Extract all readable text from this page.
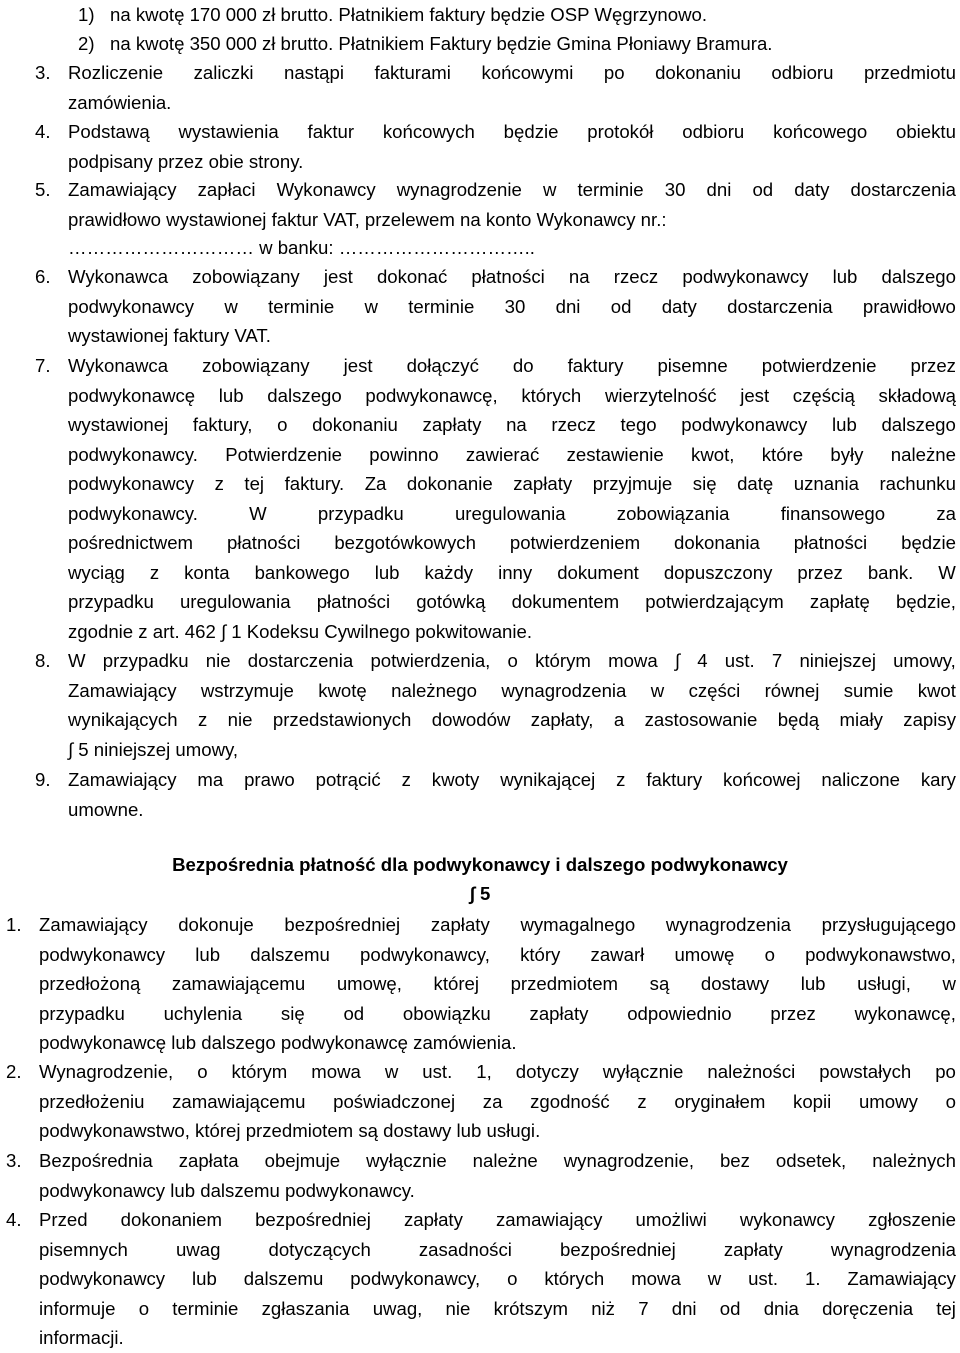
1) na kwotę 170 000 zł brutto. Płatnikiem faktury będzie OSP Węgrzynowo.
2) na kwotę 350 000 zł brutto. Płatnikiem Faktury będzie Gmina Płoniawy Bramura.
3. Rozliczenie zaliczki nastąpi fakturami końcowymi po dokonaniu odbioru przedmiotu
zamówienia.
4. Podstawą wystawienia faktur końcowych będzie protokół odbioru końcowego obiektu
podpisany przez obie strony.
5. Zamawiający zapłaci Wykonawcy wynagrodzenie w terminie 30 dni od daty dostarczenia
prawidłowo wystawionej faktur VAT, przelewem na konto Wykonawcy nr.:
………………………… w banku: …………………………..
6. Wykonawca zobowiązany jest dokonać płatności na rzecz podwykonawcy lub dalszego
podwykonawcy w terminie w terminie 30 dni od daty dostarczenia prawidłowo
wystawionej faktury VAT.
7. Wykonawca zobowiązany jest dołączyć do faktury pisemne potwierdzenie przez
podwykonawcę lub dalszego podwykonawcę, których wierzytelność jest częścią składową
wystawionej faktury, o dokonaniu zapłaty na rzecz tego podwykonawcy lub dalszego
podwykonawcy. Potwierdzenie powinno zawierać zestawienie kwot, które były należne
podwykonawcy z tej faktury. Za dokonanie zapłaty przyjmuje się datę uznania rachunku
podwykonawcy.	W	przypadku	uregulowania	zobowiązania	finansowego	za
pośrednictwem płatności bezgotówkowych potwierdzeniem dokonania płatności będzie
wyciąg z konta bankowego lub każdy inny dokument dopuszczony przez bank. W
przypadku uregulowania płatności gotówką dokumentem potwierdzającym zapłatę będzie,
zgodnie z art. 462 ∫ 1 Kodeksu Cywilnego pokwitowanie.
8. W przypadku nie dostarczenia potwierdzenia, o którym mowa ∫ 4 ust. 7 niniejszej umowy,
Zamawiający wstrzymuje kwotę należnego wynagrodzenia w części równej sumie kwot
wynikających z nie przedstawionych dowodów zapłaty, a zastosowanie będą miały zapisy
∫ 5 niniejszej umowy,
9. Zamawiający ma prawo potrącić z kwoty wynikającej z faktury końcowej naliczone kary
umowne.
Bezpośrednia płatność dla podwykonawcy i dalszego podwykonawcy
∫ 5
1. Zamawiający dokonuje bezpośredniej zapłaty wymagalnego wynagrodzenia przysługującego
podwykonawcy lub dalszemu podwykonawcy, który zawarł umowę o podwykonawstwo,
przedłożoną zamawiającemu umowę, której przedmiotem są dostawy lub usługi, w
przypadku uchylenia się od obowiązku zapłaty odpowiednio przez wykonawcę,
podwykonawcę lub dalszego podwykonawcę zamówienia.
2. Wynagrodzenie, o którym mowa w ust. 1, dotyczy wyłącznie należności powstałych po
przedłożeniu zamawiającemu poświadczonej za zgodność z oryginałem kopii umowy o
podwykonawstwo, której przedmiotem są dostawy lub usługi.
3. Bezpośrednia zapłata obejmuje wyłącznie należne wynagrodzenie, bez odsetek, należnych
podwykonawcy lub dalszemu podwykonawcy.
4. Przed dokonaniem bezpośredniej zapłaty zamawiający umożliwi wykonawcy zgłoszenie
pisemnych	uwag	dotyczących	zasadności	bezpośredniej	zapłaty	wynagrodzenia
podwykonawcy lub dalszemu podwykonawcy, o których mowa w ust. 1. Zamawiający
informuje o terminie zgłaszania uwag, nie krótszym niż 7 dni od dnia doręczenia tej
informacji.
